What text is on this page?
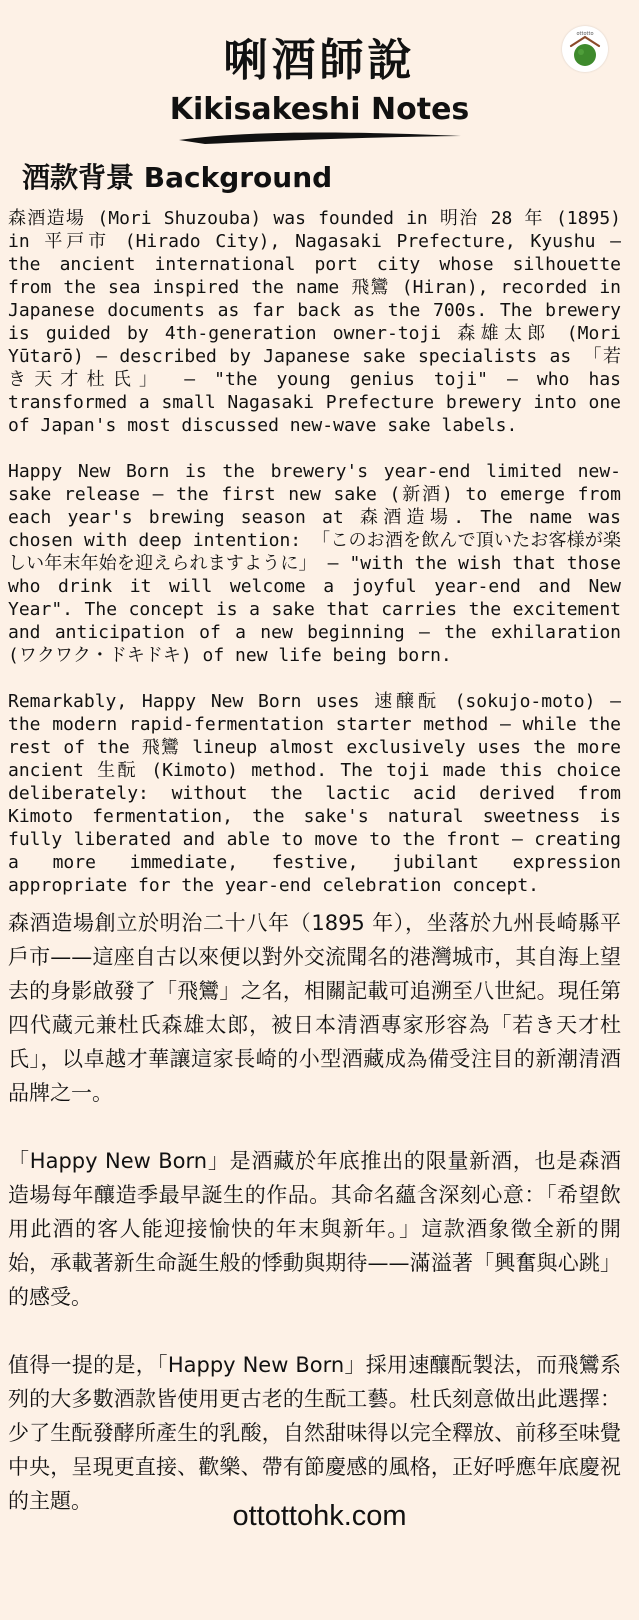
ottotto
唎酒師說
Kikisakeshi Notes
酒款背景 Background

森酒造場 (Mori Shuzouba) was founded in 明治 28 年 (1895) in 平戸市 (Hirado City), Nagasaki Prefecture, Kyushu — the ancient international port city whose silhouette from the sea inspired the name 飛鸞 (Hiran), recorded in Japanese documents as far back as the 700s. The brewery is guided by 4th-generation owner-toji 森雄太郎 (Mori Yūtarō) — described by Japanese sake specialists as 「若き天才杜氏」 — "the young genius toji" — who has transformed a small Nagasaki Prefecture brewery into one of Japan's most discussed new-wave sake labels.

Happy New Born is the brewery's year-end limited new-sake release — the first new sake (新酒) to emerge from each year's brewing season at 森酒造場. The name was chosen with deep intention: 「このお酒を飲んで頂いたお客様が楽しい年末年始を迎えられますように」 — "with the wish that those who drink it will welcome a joyful year-end and New Year". The concept is a sake that carries the excitement and anticipation of a new beginning — the exhilaration (ワクワク・ドキドキ) of new life being born.

Remarkably, Happy New Born uses 速醸酛 (sokujo-moto) — the modern rapid-fermentation starter method — while the rest of the 飛鸞 lineup almost exclusively uses the more ancient 生酛 (Kimoto) method. The toji made this choice deliberately: without the lactic acid derived from Kimoto fermentation, the sake's natural sweetness is fully liberated and able to move to the front — creating a more immediate, festive, jubilant expression appropriate for the year-end celebration concept.

森酒造場創立於明治二十八年（1895 年），坐落於九州長崎縣平戶市——這座自古以來便以對外交流聞名的港灣城市，其自海上望去的身影啟發了「飛鸞」之名，相關記載可追溯至八世紀。現任第四代蔵元兼杜氏森雄太郎，被日本清酒專家形容為「若き天才杜氏」，以卓越才華讓這家長崎的小型酒藏成為備受注目的新潮清酒品牌之一。

「Happy New Born」是酒藏於年底推出的限量新酒，也是森酒造場每年釀造季最早誕生的作品。其命名蘊含深刻心意：「希望飲用此酒的客人能迎接愉快的年末與新年。」這款酒象徵全新的開始，承載著新生命誕生般的悸動與期待——滿溢著「興奮與心跳」的感受。

值得一提的是，「Happy New Born」採用速釀酛製法，而飛鸞系列的大多數酒款皆使用更古老的生酛工藝。杜氏刻意做出此選擇：少了生酛發酵所產生的乳酸，自然甜味得以完全釋放、前移至味覺中央，呈現更直接、歡樂、帶有節慶感的風格，正好呼應年底慶祝的主題。	ottottohk.com
